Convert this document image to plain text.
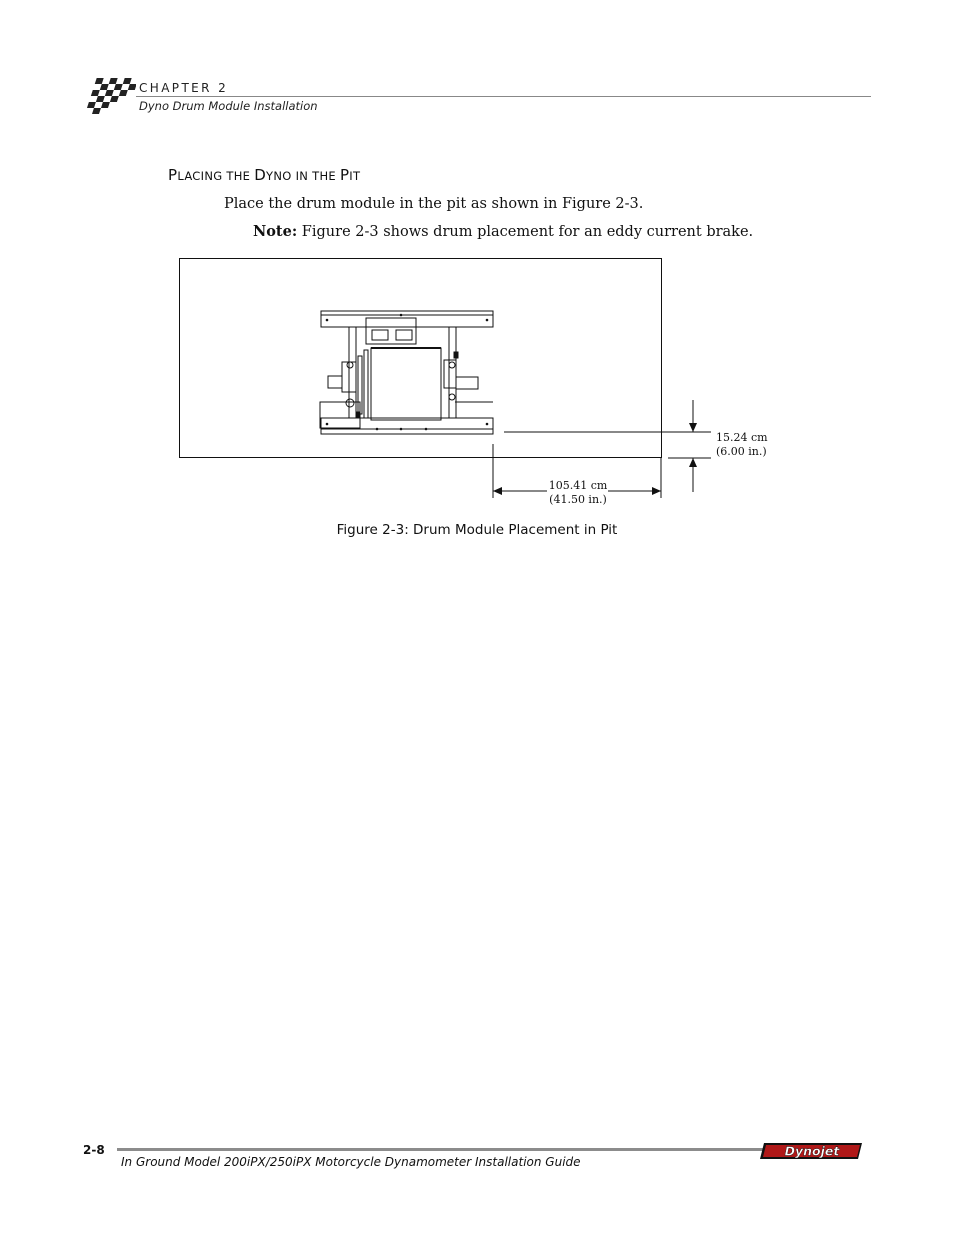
CHAPTER 2
Dyno Drum Module Installation
PLACING THE DYNO IN THE PIT
Place the drum module in the pit as shown in Figure 2-3.
Note: Figure 2-3 shows drum placement for an eddy current brake.
15.24 cm
(6.00 in.)
105.41 cm
(41.50 in.)
Figure 2-3: Drum Module Placement in Pit
2-8
In Ground Model 200iPX/250iPX Motorcycle Dynamometer Installation Guide
Dynojet
